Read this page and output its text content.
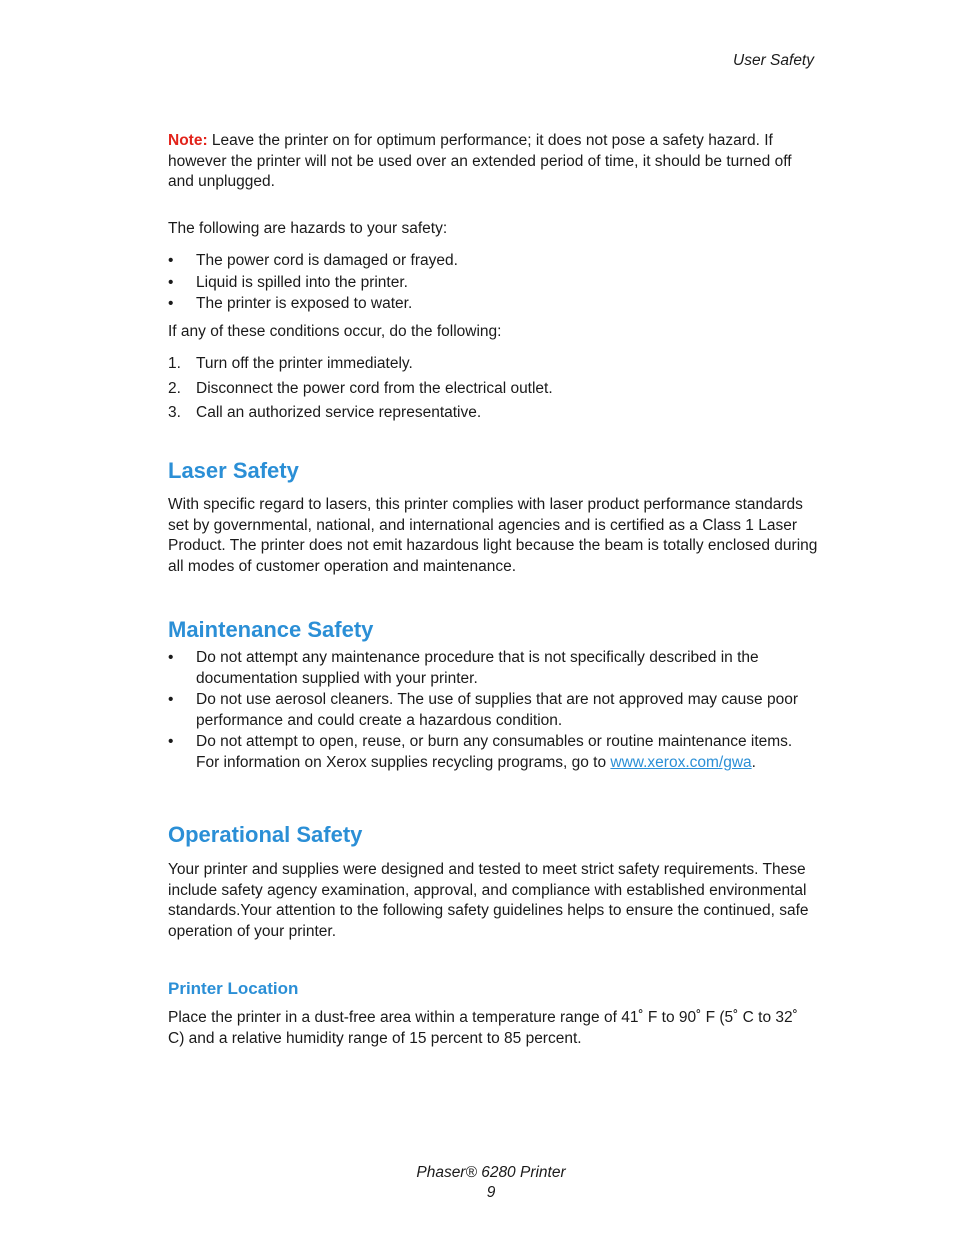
User Safety
Note: Leave the printer on for optimum performance; it does not pose a safety hazard. If however the printer will not be used over an extended period of time, it should be turned off and unplugged.
The following are hazards to your safety:
• The power cord is damaged or frayed.
• Liquid is spilled into the printer.
• The printer is exposed to water.
If any of these conditions occur, do the following:
1. Turn off the printer immediately.
2. Disconnect the power cord from the electrical outlet.
3. Call an authorized service representative.
Laser Safety
With specific regard to lasers, this printer complies with laser product performance standards set by governmental, national, and international agencies and is certified as a Class 1 Laser Product. The printer does not emit hazardous light because the beam is totally enclosed during all modes of customer operation and maintenance.
Maintenance Safety
• Do not attempt any maintenance procedure that is not specifically described in the documentation supplied with your printer.
• Do not use aerosol cleaners. The use of supplies that are not approved may cause poor performance and could create a hazardous condition.
• Do not attempt to open, reuse, or burn any consumables or routine maintenance items. For information on Xerox supplies recycling programs, go to www.xerox.com/gwa.
Operational Safety
Your printer and supplies were designed and tested to meet strict safety requirements. These include safety agency examination, approval, and compliance with established environmental standards.Your attention to the following safety guidelines helps to ensure the continued, safe operation of your printer.
Printer Location
Place the printer in a dust-free area within a temperature range of 41˚ F to 90˚ F (5˚ C to 32˚ C) and a relative humidity range of 15 percent to 85 percent.
Phaser® 6280 Printer
9
